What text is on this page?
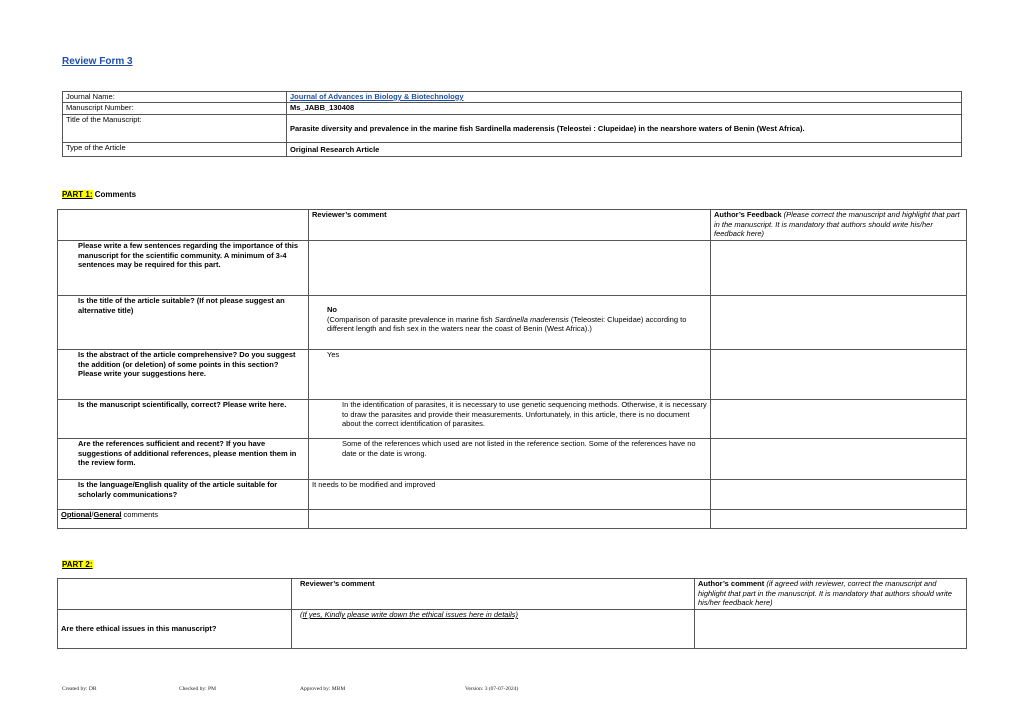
Review Form 3
Journal Name:	Journal of Advances in Biology & Biotechnology
Manuscript Number:	Ms_JABB_130408
Title of the Manuscript:	Parasite diversity and prevalence in the marine fish Sardinella maderensis (Teleostei : Clupeidae) in the nearshore waters of Benin (West Africa).
Type of the Article	Original Research Article
PART 1: Comments
	Reviewer’s comment	Author’s Feedback (Please correct the manuscript and highlight that part in the manuscript. It is mandatory that authors should write his/her feedback here)
Please write a few sentences regarding the importance of this manuscript for the scientific community. A minimum of 3-4 sentences may be required for this part.		
Is the title of the article suitable? (If not please suggest an alternative title)	No
(Comparison of parasite prevalence in marine fish Sardinella maderensis (Teleostei: Clupeidae) according to different length and fish sex in the waters near the coast of Benin (West Africa).)	

Is the abstract of the article comprehensive? Do you suggest the addition (or deletion) of some points in this section? Please write your suggestions here.	Yes	
Is the manuscript scientifically, correct? Please write here.	In the identification of parasites, it is necessary to use genetic sequencing methods. Otherwise, it is necessary to draw the parasites and provide their measurements. Unfortunately, in this article, there is no document about the correct identification of parasites.	
Are the references sufficient and recent? If you have suggestions of additional references, please mention them in the review form.	Some of the references which used are not listed in the reference section. Some of the references have no date or the date is wrong.	
Is the language/English quality of the article suitable for scholarly communications?	It needs to be modified and improved	
Optional/General comments		
PART 2:
	Reviewer’s comment	Author’s comment (if agreed with reviewer, correct the manuscript and highlight that part in the manuscript. It is mandatory that authors should write his/her feedback here)
Are there ethical issues in this manuscript?	(If yes, Kindly please write down the ethical issues here in details)	
Created by: DR	Checked by: PM	Approved by: MBM	Version: 3 (07-07-2024)
